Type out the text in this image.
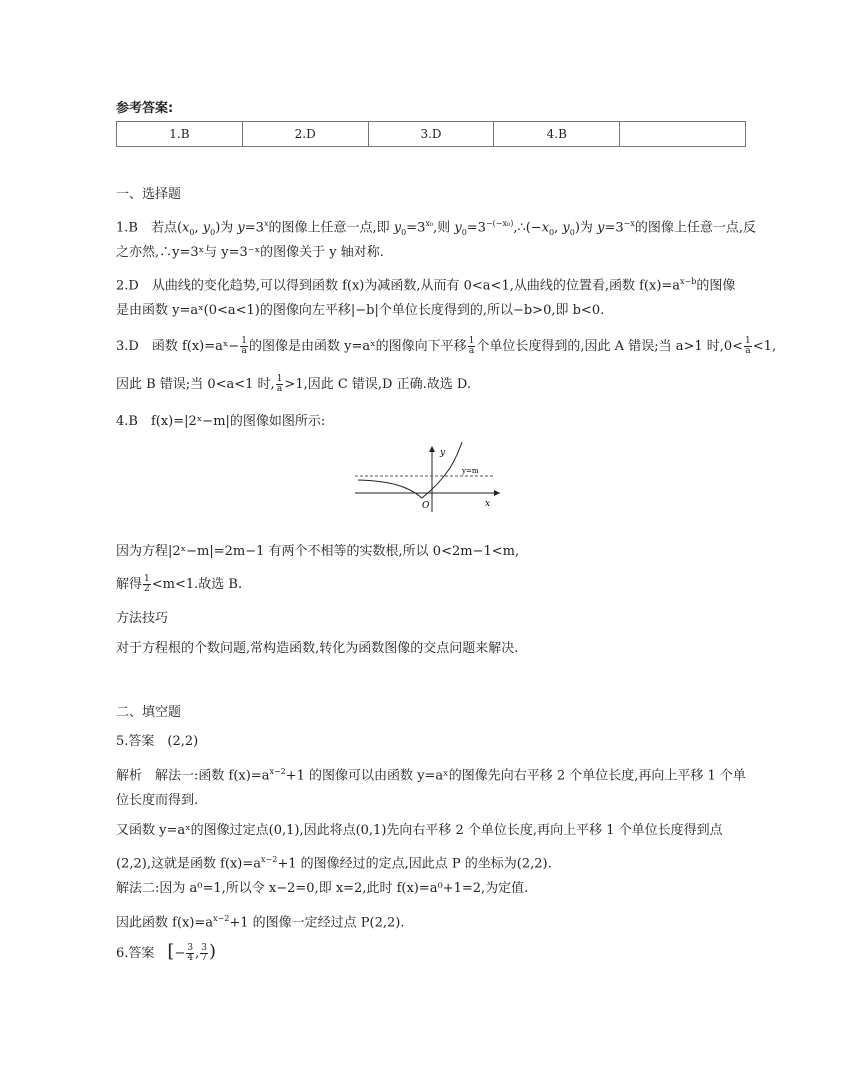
参考答案:
1.B	2.D	3.D	4.B	
一、选择题
1.B　若点($x_0$, $y_0$)为 $y=3^x$的图像上任意一点,即 $y_0=3^{x_0}$,则 $y_0=3^{-(-x_0)},\therefore(-x_0$, $y_0$)为 $y=3^{-x}$的图像上任意一点,反
之亦然,∴y=3ˣ与 y=3⁻ˣ的图像关于 y 轴对称.
2.D　从曲线的变化趋势,可以得到函数 f(x)为减函数,从而有 0<a<1,从曲线的位置看,函数 $f(x)=a^{x-b}$的图像
是由函数 y=aˣ(0<a<1)的图像向左平移|−b|个单位长度得到的,所以−b>0,即 b<0.
3.D　函数 f(x)=aˣ− $\frac{1}{a}$ 的图像是由函数 y=aˣ的图像向下平移 $\frac{1}{a}$ 个单位长度得到的,因此 A 错误;当 a>1 时$,0< \frac{1}{a} <1$,
因此 B 错误;当 0<a<1 时, $\frac{1}{a} >1$,因此 C 错误,D 正确.故选 D.
4.B　f(x)=|2ˣ−m|的图像如图所示:
y
x
O
y=m
因为方程|2ˣ−m|=2m−1 有两个不相等的实数根,所以 0<2m−1<m,
解得 $\frac{1}{2} <m<1$.故选 B.
方法技巧
对于方程根的个数问题,常构造函数,转化为函数图像的交点问题来解决.
二、填空题
5.答案　(2,2)
解析　解法一:函数 $f(x)=a^{x-2}+1$ 的图像可以由函数 y=aˣ的图像先向右平移 2 个单位长度,再向上平移 1 个单
位长度而得到.
又函数 y=aˣ的图像过定点(0,1),因此将点(0,1)先向右平移 2 个单位长度,再向上平移 1 个单位长度得到点
(2,2),这就是函数 $f(x)=a^{x-2}+1$ 的图像经过的定点,因此点 P 的坐标为(2,2).
解法二:因为 a⁰=1,所以令 x−2=0,即 x=2,此时 f(x)=a⁰+1=2,为定值.
因此函数 $f(x)=a^{x-2}+1$ 的图像一定经过点 P(2,2).
6.答案　 [− $\frac{3}{4}$ , $\frac{3}{7}$ )
